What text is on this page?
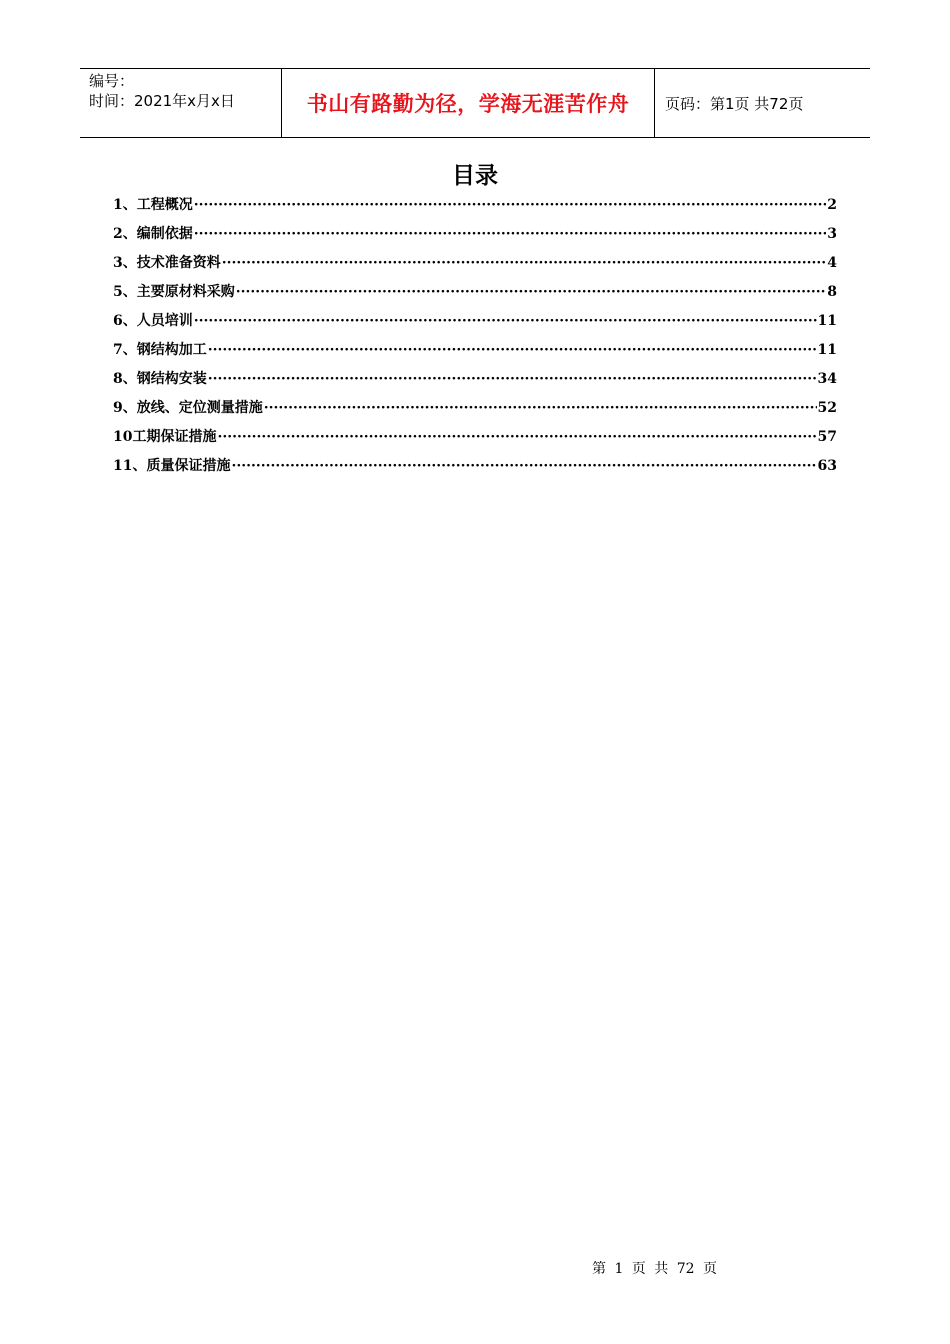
编号：
时间：2021年x月x日	书山有路勤为径，学海无涯苦作舟	页码：第1页 共72页
目录
1、工程概况 ·····	2
2、编制依据 ·····	3
3、技术准备资料 ·····	4
5、主要原材料采购 ·····	8
6、人员培训 ·····	11
7、钢结构加工 ·····	11
8、钢结构安装 ·····	34
9、放线、定位测量措施 ·····	52
10工期保证措施 ·····	57
11、质量保证措施 ·····	63
第 1 页 共 72 页
